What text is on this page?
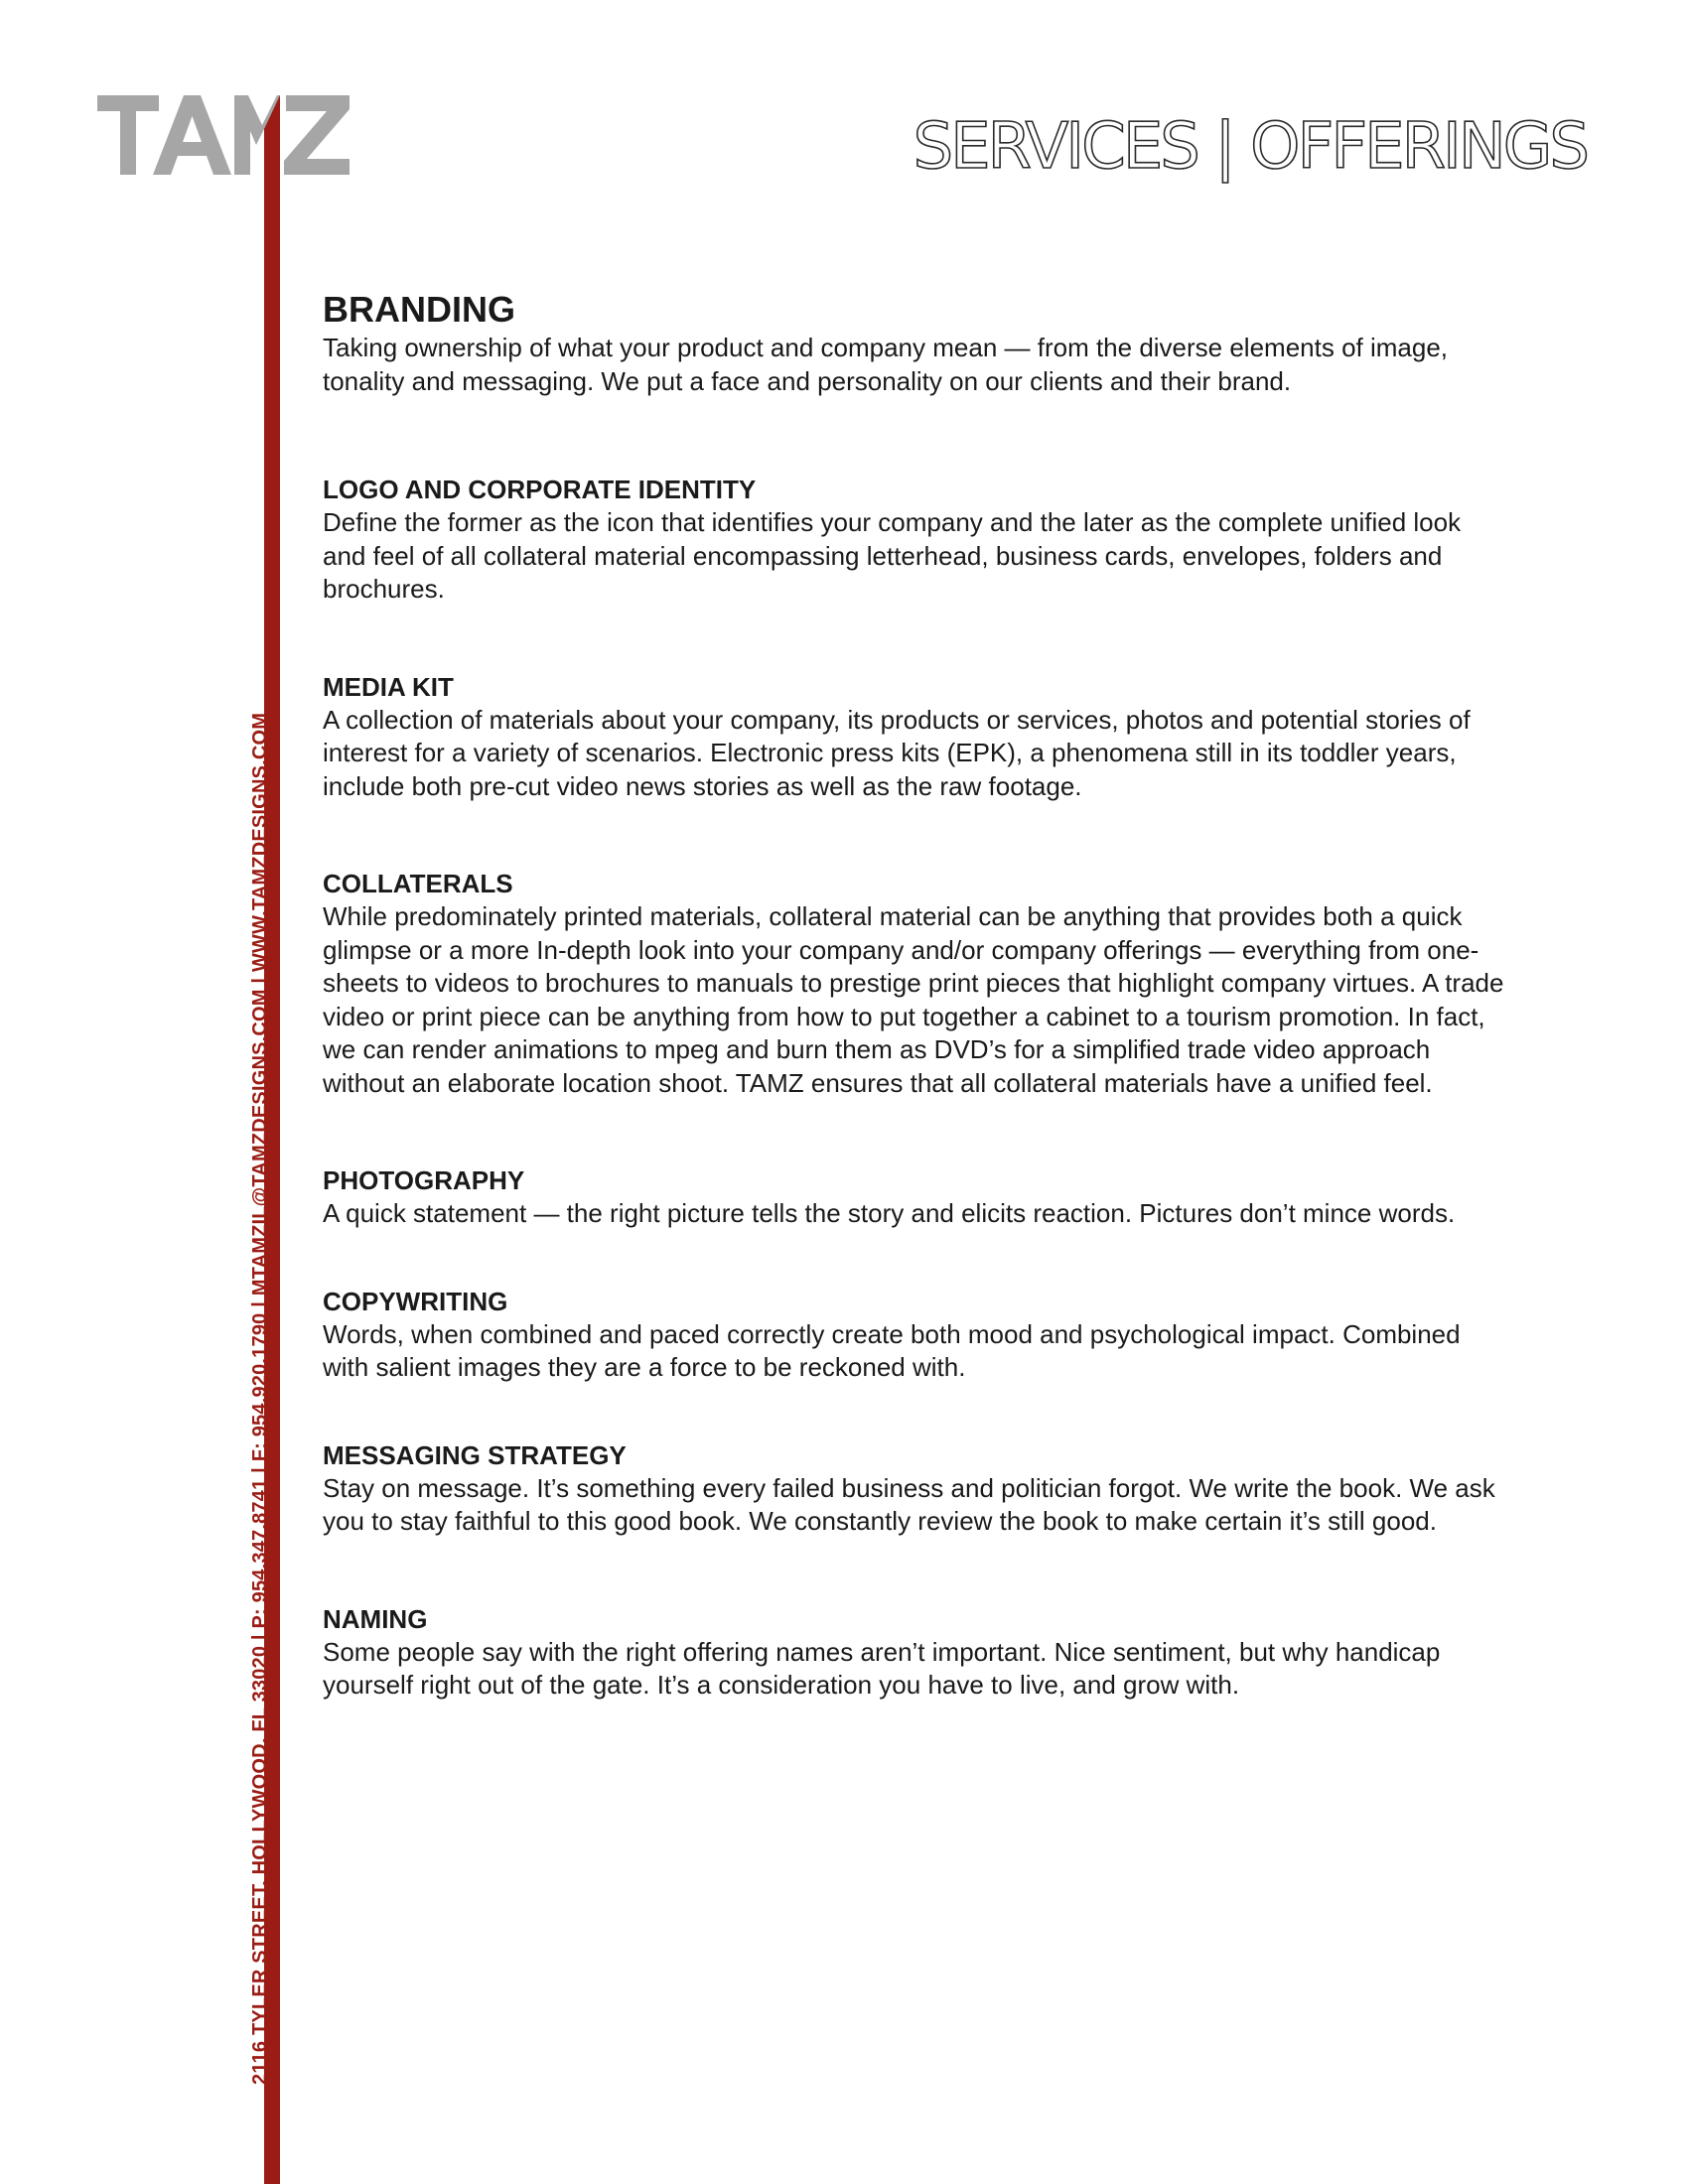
2116 TYLER STREET, HOLLYWOOD, FL 33020 | P: 954.347.8741 | F: 954.920.1790 | MTAMZIL@TAMZDESIGNS.COM | WWW.TAMZDESIGNS.COM
SERVICES | OFFERINGS
BRANDING

Taking ownership of what your product and company mean — from the diverse elements of image, tonality and messaging. We put a face and personality on our clients and their brand.

LOGO AND CORPORATE IDENTITY

Define the former as the icon that identifies your company and the later as the complete unified look and feel of all collateral material encompassing letterhead, business cards, envelopes, folders and brochures.

MEDIA KIT

A collection of materials about your company, its products or services, photos and potential stories of interest for a variety of scenarios. Electronic press kits (EPK), a phenomena still in its toddler years, include both pre-cut video news stories as well as the raw footage.

COLLATERALS

While predominately printed materials, collateral material can be anything that provides both a quick glimpse or a more In-depth look into your company and/or company offerings — everything from one-sheets to videos to brochures to manuals to prestige print pieces that highlight company virtues. A trade video or print piece can be anything from how to put together a cabinet to a tourism promotion. In fact, we can render animations to mpeg and burn them as DVD’s for a simplified trade video approach without an elaborate location shoot. TAMZ ensures that all collateral materials have a unified feel.

PHOTOGRAPHY

A quick statement — the right picture tells the story and elicits reaction. Pictures don’t mince words.

COPYWRITING

Words, when combined and paced correctly create both mood and psychological impact. Combined with salient images they are a force to be reckoned with.

MESSAGING STRATEGY

Stay on message. It’s something every failed business and politician forgot. We write the book. We ask you to stay faithful to this good book. We constantly review the book to make certain it’s still good.

NAMING

Some people say with the right offering names aren’t important. Nice sentiment, but why handicap yourself right out of the gate. It’s a consideration you have to live, and grow with.
